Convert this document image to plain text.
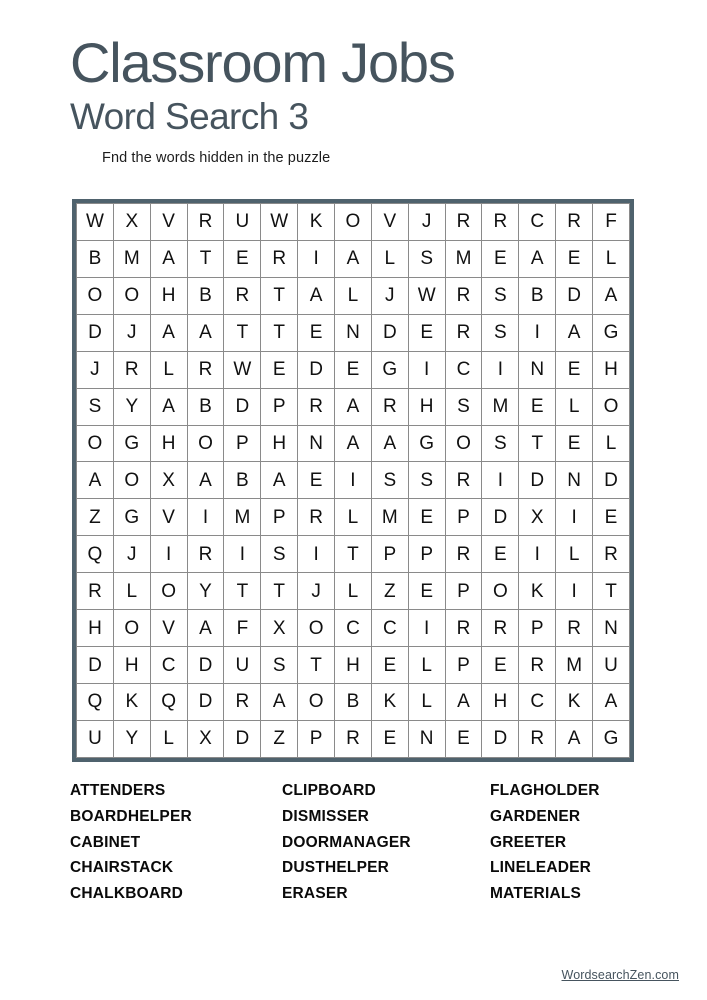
Classroom Jobs
Word Search 3

Fnd the words hidden in the puzzle

W	X	V	R	U	W	K	O	V	J	R	R	C	R	F
B	M	A	T	E	R	I	A	L	S	M	E	A	E	L
O	O	H	B	R	T	A	L	J	W	R	S	B	D	A
D	J	A	A	T	T	E	N	D	E	R	S	I	A	G
J	R	L	R	W	E	D	E	G	I	C	I	N	E	H
S	Y	A	B	D	P	R	A	R	H	S	M	E	L	O
O	G	H	O	P	H	N	A	A	G	O	S	T	E	L
A	O	X	A	B	A	E	I	S	S	R	I	D	N	D
Z	G	V	I	M	P	R	L	M	E	P	D	X	I	E
Q	J	I	R	I	S	I	T	P	P	R	E	I	L	R
R	L	O	Y	T	T	J	L	Z	E	P	O	K	I	T
H	O	V	A	F	X	O	C	C	I	R	R	P	R	N
D	H	C	D	U	S	T	H	E	L	P	E	R	M	U
Q	K	Q	D	R	A	O	B	K	L	A	H	C	K	A
U	Y	L	X	D	Z	P	R	E	N	E	D	R	A	G
ATTENDERS
BOARDHELPER
CABINET
CHAIRSTACK
CHALKBOARD
CLIPBOARD
DISMISSER
DOORMANAGER
DUSTHELPER
ERASER
FLAGHOLDER
GARDENER
GREETER
LINELEADER
MATERIALS
WordsearchZen.com
